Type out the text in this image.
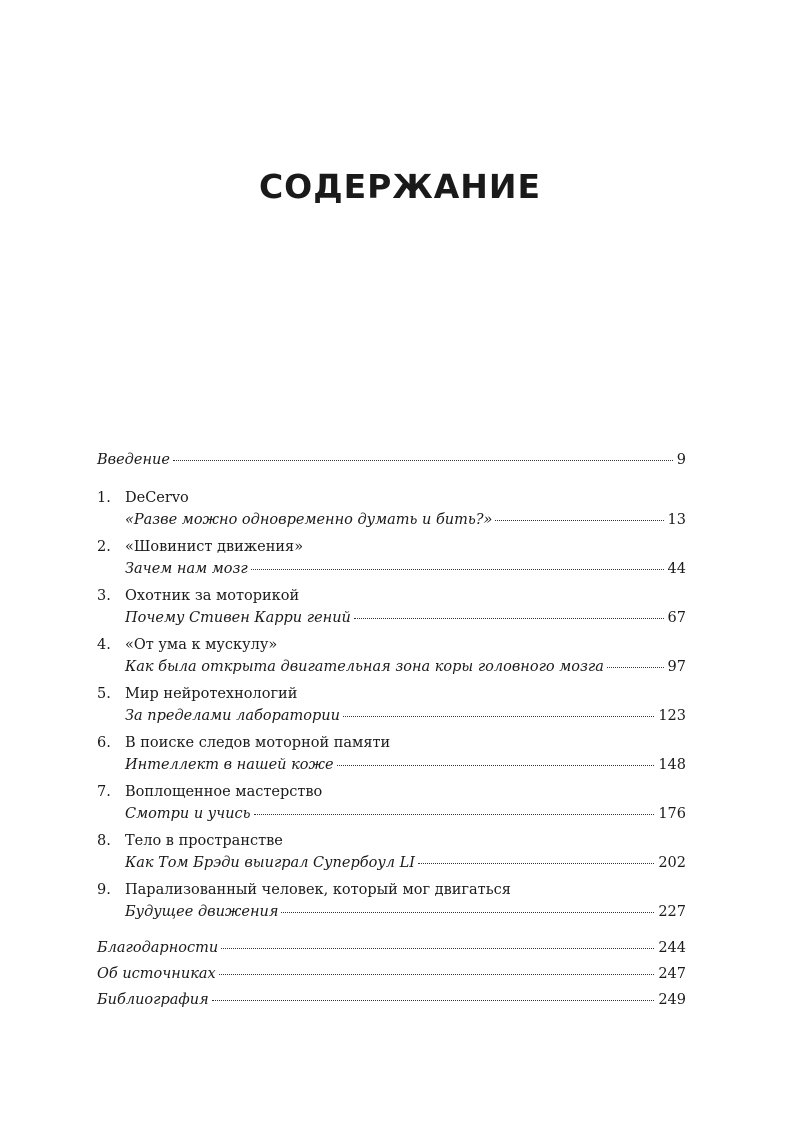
СОДЕРЖАНИЕ
Введение	9
1. DeCervo
«Разве можно одновременно думать и бить?»	13
2. «Шовинист движения»
Зачем нам мозг	44
3. Охотник за моторикой
Почему Стивен Карри гений	67
4. «От ума к мускулу»
Как была открыта двигательная зона коры головного мозга	97
5. Мир нейротехнологий
За пределами лаборатории	123
6. В поиске следов моторной памяти
Интеллект в нашей коже	148
7. Воплощенное мастерство
Смотри и учись	176
8. Тело в пространстве
Как Том Брэди выиграл Супербоул LI	202
9. Парализованный человек, который мог двигаться
Будущее движения	227
Благодарности	244
Об источниках	247
Библиография	249
